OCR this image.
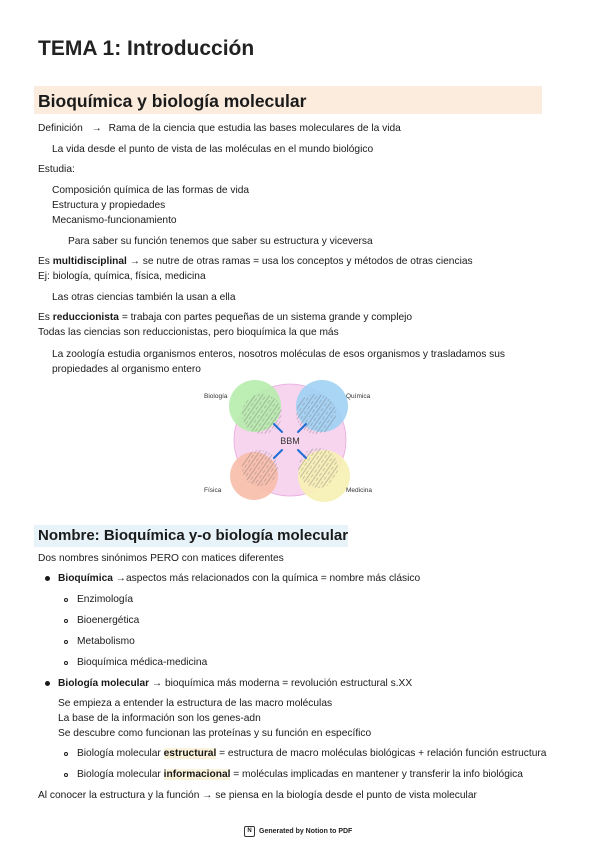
TEMA 1: Introducción
Bioquímica y biología molecular
Definición → Rama de la ciencia que estudia las bases moleculares de la vida
La vida desde el punto de vista de las moléculas en el mundo biológico
Estudia:
Composición química de las formas de vida
Estructura y propiedades
Mecanismo-funcionamiento
Para saber su función tenemos que saber su estructura y viceversa
Es multidisciplinal → se nutre de otras ramas = usa los conceptos y métodos de otras ciencias
Ej: biología, química, física, medicina
Las otras ciencias también la usan a ella
Es reduccionista = trabaja con partes pequeñas de un sistema grande y complejo
Todas las ciencias son reduccionistas, pero bioquímica la que más
La zoología estudia organismos enteros, nosotros moléculas de esos organismos y trasladamos sus
propiedades al organismo entero
BBM
Biología	Química
Física	Medicina
Nombre: Bioquímica y-o biología molecular
Dos nombres sinónimos PERO con matices diferentes
Bioquímica →aspectos más relacionados con la química = nombre más clásico
Enzimología
Bioenergética
Metabolismo
Bioquímica médica-medicina
Biología molecular → bioquímica más moderna = revolución estructural s.XX
Se empieza a entender la estructura de las macro moléculas
La base de la información son los genes-adn
Se descubre como funcionan las proteínas y su función en específico
Biología molecular estructural = estructura de macro moléculas biológicas + relación función estructura
Biología molecular informacional = moléculas implicadas en mantener y transferir la info biológica
Al conocer la estructura y la función → se piensa en la biología desde el punto de vista molecular
N	Generated by Notion to PDF
